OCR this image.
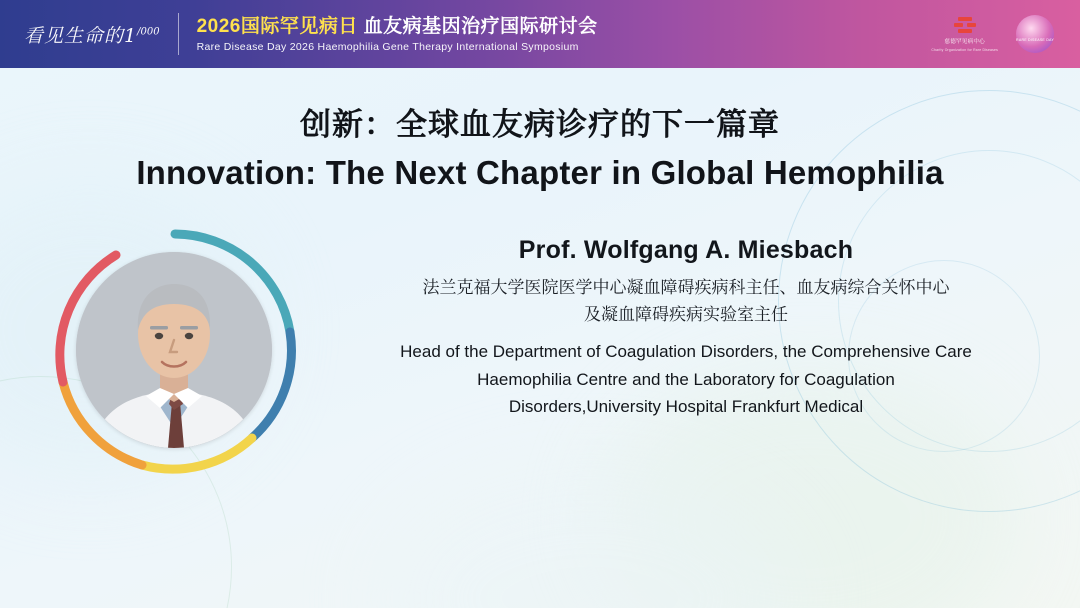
看见生命的$1^{/000}$ 2026国际罕见病日 血友病基因治疗国际研讨会
Rare Disease Day 2026 Haemophilia Gene Therapy International Symposium	慈德罕见病中心
Charity Organization for Rare Diseases
RARE DISEASE DAY
创新：全球血友病诊疗的下一篇章
Innovation: The Next Chapter in Global Hemophilia
Prof. Wolfgang A. Miesbach
法兰克福大学医院医学中心凝血障碍疾病科主任、血友病综合关怀中心
及凝血障碍疾病实验室主任
Head of the Department of Coagulation Disorders, the Comprehensive Care
Haemophilia Centre and the Laboratory for Coagulation
Disorders,University Hospital Frankfurt Medical
